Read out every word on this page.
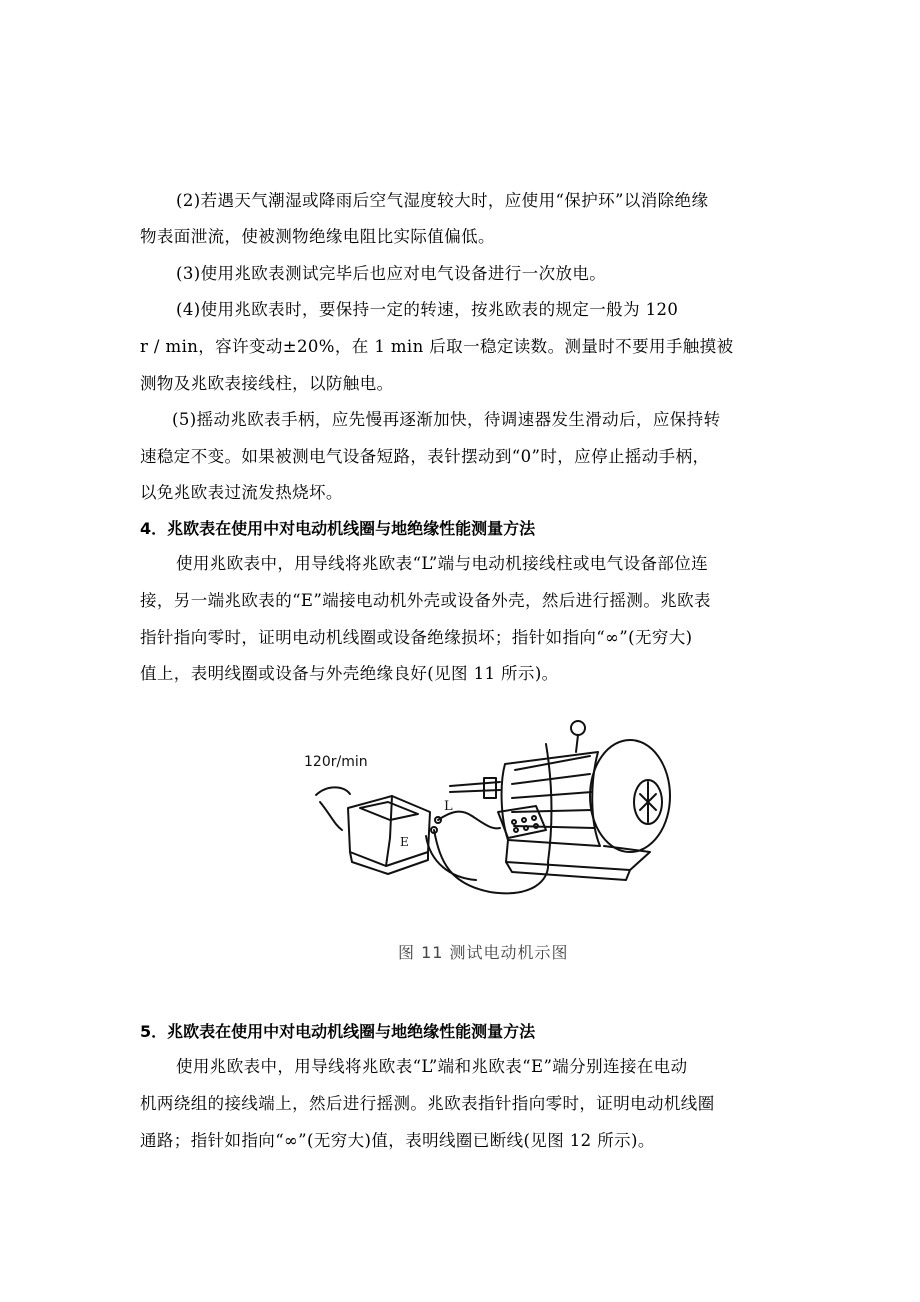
(2)若遇天气潮湿或降雨后空气湿度较大时，应使用“保护环”以消除绝缘
物表面泄流，使被测物绝缘电阻比实际值偏低。
(3)使用兆欧表测试完毕后也应对电气设备进行一次放电。
(4)使用兆欧表时，要保持一定的转速，按兆欧表的规定一般为 120
r / min，容许变动±20%，在 1 min 后取一稳定读数。测量时不要用手触摸被
测物及兆欧表接线柱，以防触电。
(5)摇动兆欧表手柄，应先慢再逐渐加快，待调速器发生滑动后，应保持转
速稳定不变。如果被测电气设备短路，表针摆动到“0”时，应停止摇动手柄，
以免兆欧表过流发热烧坏。
4．兆欧表在使用中对电动机线圈与地绝缘性能测量方法
使用兆欧表中，用导线将兆欧表“L”端与电动机接线柱或电气设备部位连
接，另一端兆欧表的“E”端接电动机外壳或设备外壳，然后进行摇测。兆欧表
指针指向零时，证明电动机线圈或设备绝缘损坏；指针如指向“∞”(无穷大)
值上，表明线圈或设备与外壳绝缘良好(见图 11 所示)。
120r/min
L
E
图 11 测试电动机示图
5．兆欧表在使用中对电动机线圈与地绝缘性能测量方法
使用兆欧表中，用导线将兆欧表“L”端和兆欧表“E”端分别连接在电动
机两绕组的接线端上，然后进行摇测。兆欧表指针指向零时，证明电动机线圈
通路；指针如指向“∞”(无穷大)值，表明线圈已断线(见图 12 所示)。
